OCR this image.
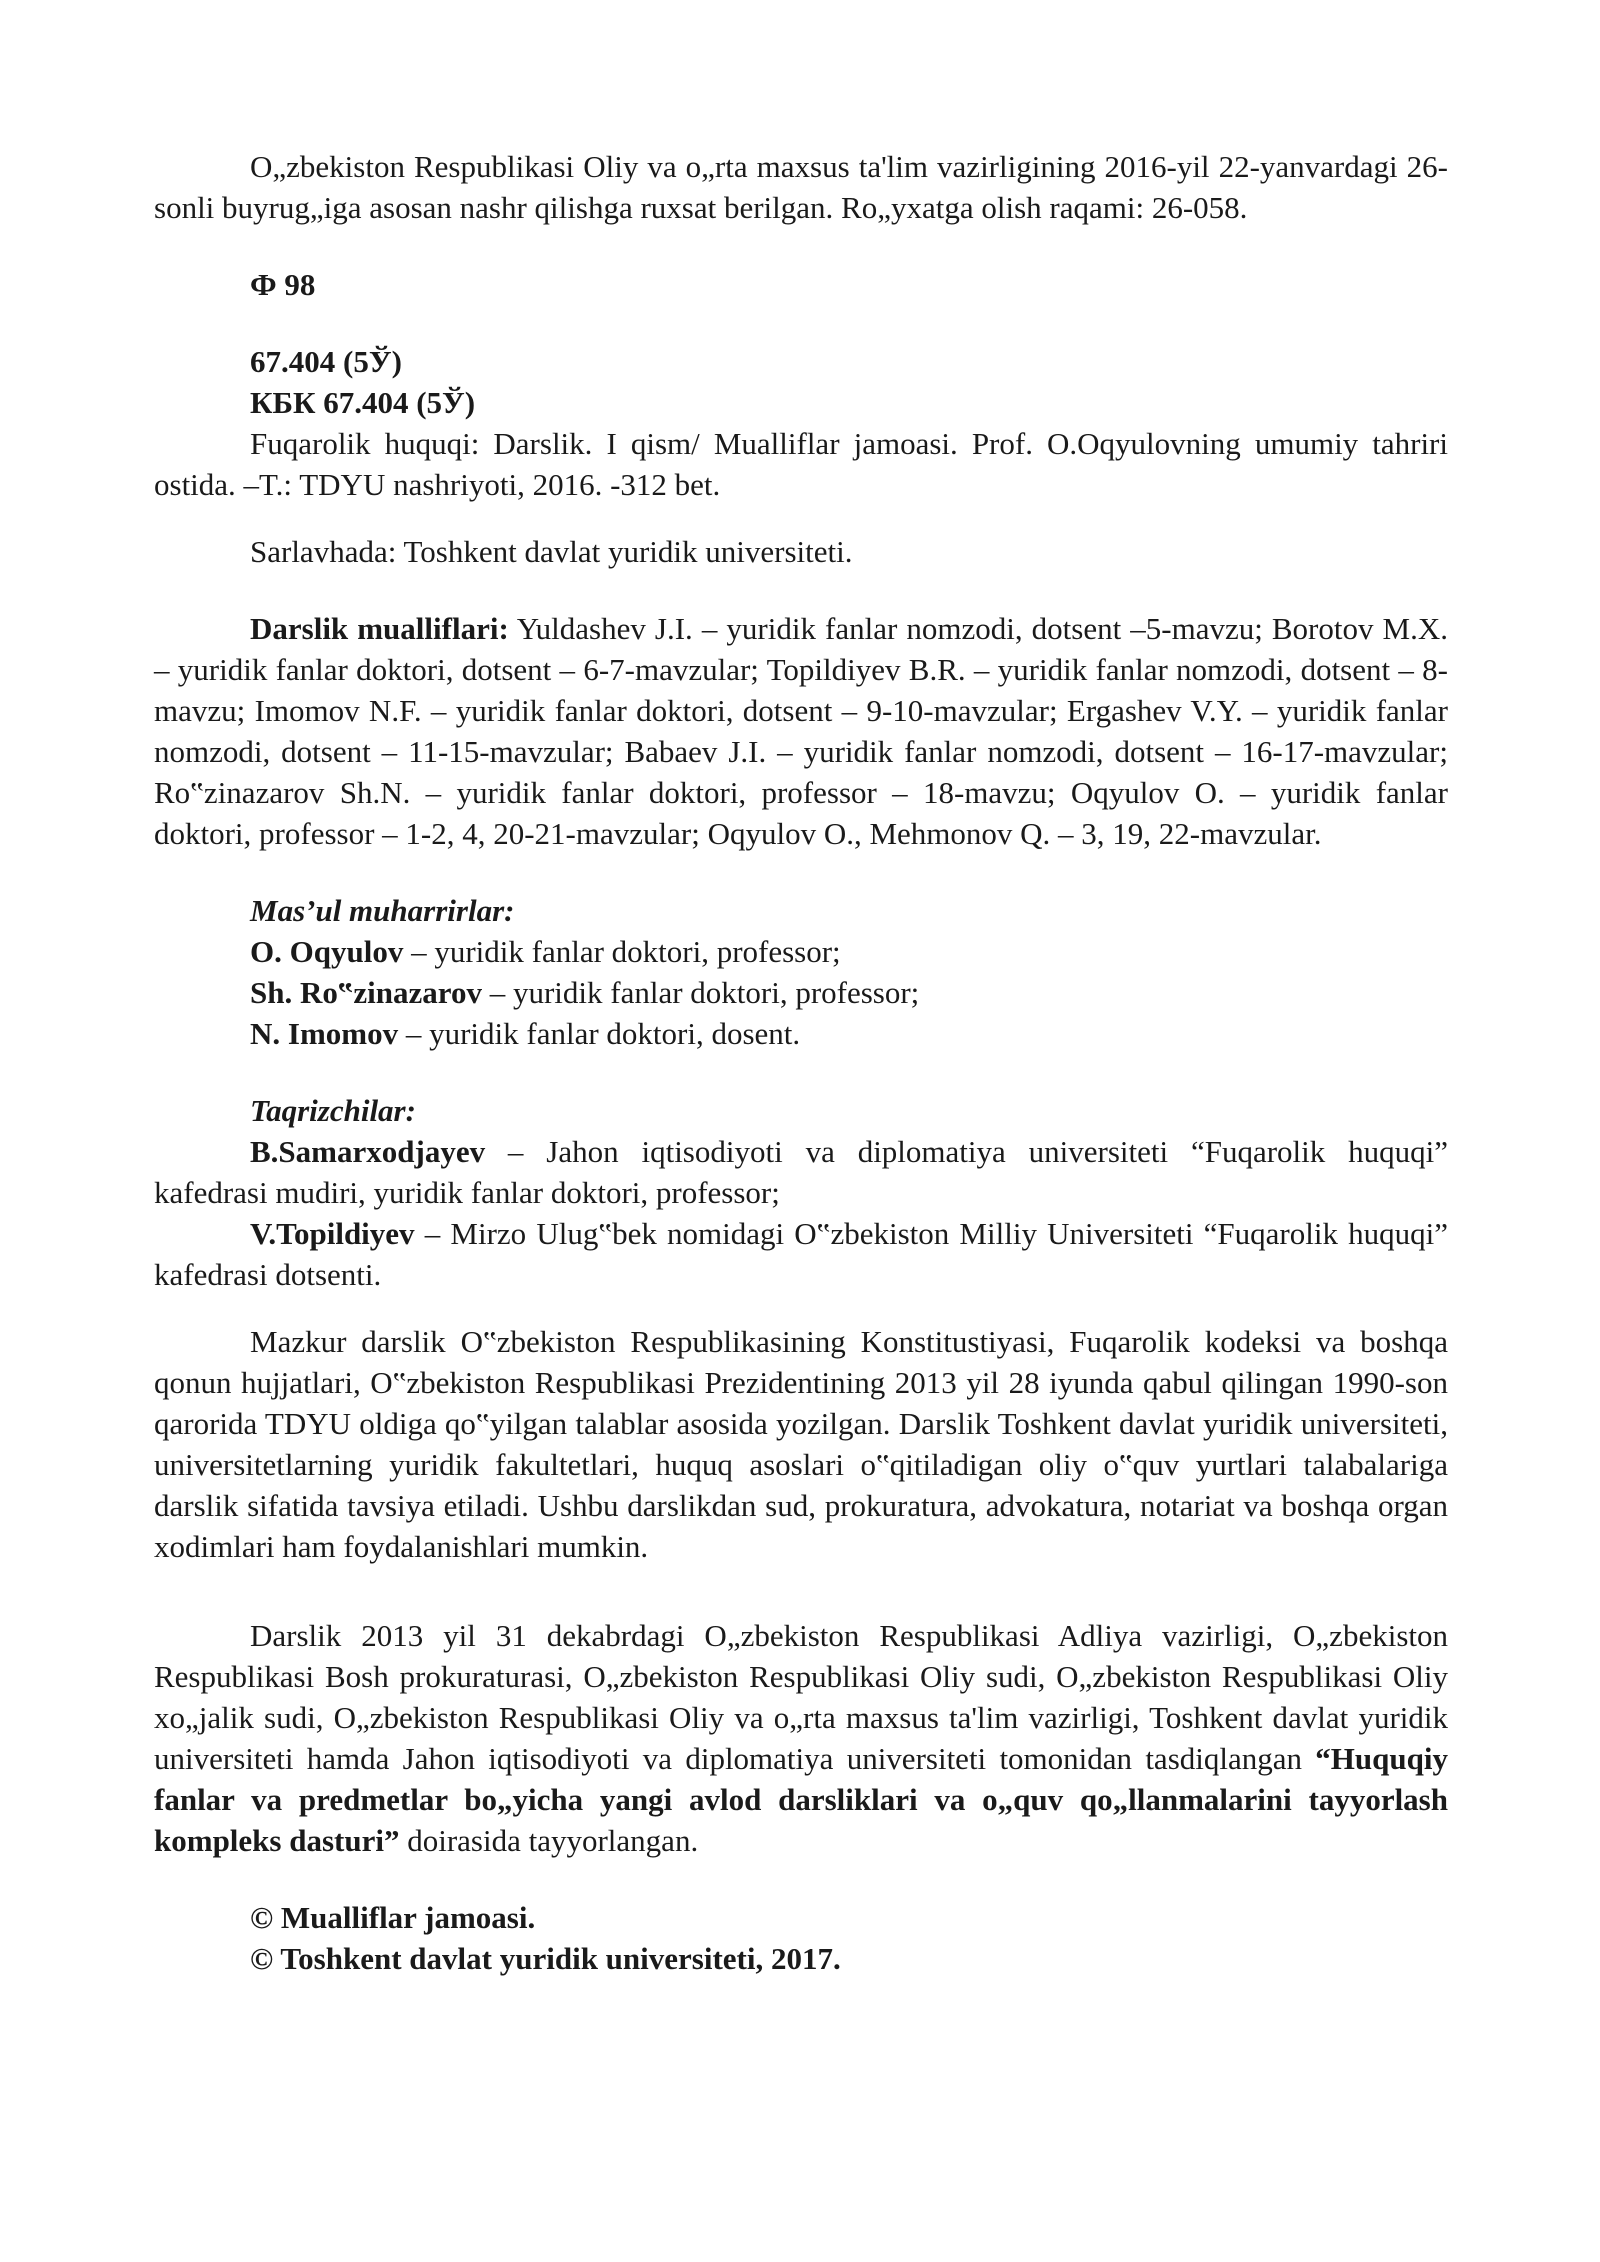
O„zbekiston Respublikasi Oliy va o„rta maxsus ta'lim vazirligining 2016-yil 22-yanvardagi 26-sonli buyrug„iga asosan nashr qilishga ruxsat berilgan. Ro„yxatga olish raqami: 26-058.

Ф 98

67.404 (5Ў)

КБК 67.404 (5Ў)

Fuqarolik huquqi: Darslik. I qism/ Mualliflar jamoasi. Prof. O.Oqyulovning umumiy tahriri ostida. –T.: TDYU nashriyoti, 2016. -312 bet.

Sarlavhada: Toshkent davlat yuridik universiteti.

Darslik mualliflari: Yuldashev J.I. – yuridik fanlar nomzodi, dotsent –5-mavzu; Borotov M.X. – yuridik fanlar doktori, dotsent – 6-7-mavzular; Topildiyev B.R. – yuridik fanlar nomzodi, dotsent – 8-mavzu; Imomov N.F. – yuridik fanlar doktori, dotsent – 9-10-mavzular; Ergashev V.Y. – yuridik fanlar nomzodi, dotsent – 11-15-mavzular; Babaev J.I. – yuridik fanlar nomzodi, dotsent – 16-17-mavzular; Ro‟zinazarov Sh.N. – yuridik fanlar doktori, professor – 18-mavzu; Oqyulov O. – yuridik fanlar doktori, professor – 1-2, 4, 20-21-mavzular; Oqyulov O., Mehmonov Q. – 3, 19, 22-mavzular.

Mas’ul muharrirlar:

O. Oqyulov – yuridik fanlar doktori, professor;

Sh. Ro‟zinazarov – yuridik fanlar doktori, professor;

N. Imomov – yuridik fanlar doktori, dosent.

Taqrizchilar:

B.Samarxodjayev – Jahon iqtisodiyoti va diplomatiya universiteti “Fuqarolik huquqi” kafedrasi mudiri, yuridik fanlar doktori, professor;

V.Topildiyev – Mirzo Ulug‟bek nomidagi O‟zbekiston Milliy Universiteti “Fuqarolik huquqi” kafedrasi dotsenti.

Mazkur darslik O‟zbekiston Respublikasining Konstitustiyasi, Fuqarolik kodeksi va boshqa qonun hujjatlari, O‟zbekiston Respublikasi Prezidentining 2013 yil 28 iyunda qabul qilingan 1990-son qarorida TDYU oldiga qo‟yilgan talablar asosida yozilgan. Darslik Toshkent davlat yuridik universiteti, universitetlarning yuridik fakultetlari, huquq asoslari o‟qitiladigan oliy o‟quv yurtlari talabalariga darslik sifatida tavsiya etiladi. Ushbu darslikdan sud, prokuratura, advokatura, notariat va boshqa organ xodimlari ham foydalanishlari mumkin.

Darslik 2013 yil 31 dekabrdagi O„zbekiston Respublikasi Adliya vazirligi, O„zbekiston Respublikasi Bosh prokuraturasi, O„zbekiston Respublikasi Oliy sudi, O„zbekiston Respublikasi Oliy xo„jalik sudi, O„zbekiston Respublikasi Oliy va o„rta maxsus ta'lim vazirligi, Toshkent davlat yuridik universiteti hamda Jahon iqtisodiyoti va diplomatiya universiteti tomonidan tasdiqlangan “Huquqiy fanlar va predmetlar bo„yicha yangi avlod darsliklari va o„quv qo„llanmalarini tayyorlash kompleks dasturi” doirasida tayyorlangan.

© Mualliflar jamoasi.

© Toshkent davlat yuridik universiteti, 2017.
